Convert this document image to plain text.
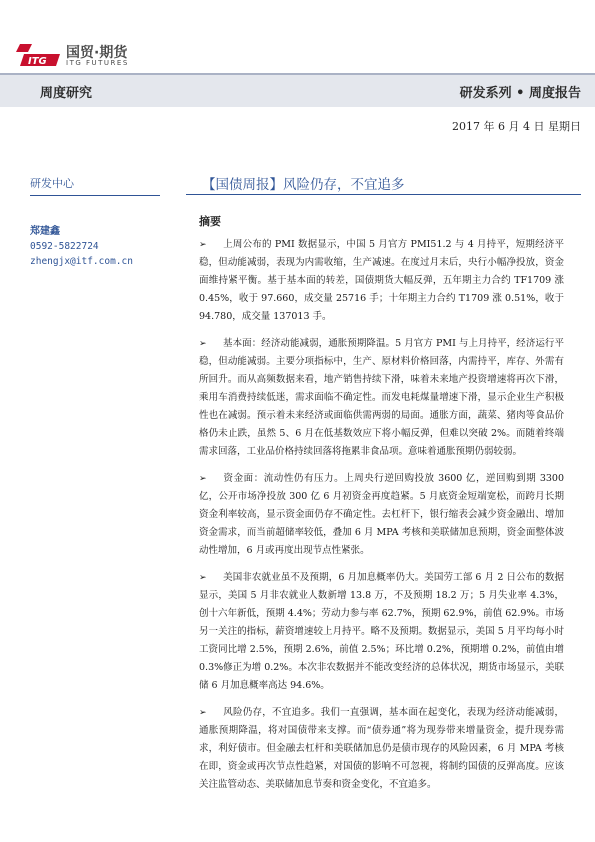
ITG
国贸·期货
ITG FUTURES
周度研究	研发系列 • 周度报告
2017 年 6 月 4 日 星期日
研发中心
郑建鑫
0592-5822724
zhengjx@itf.com.cn
【国债周报】风险仍存，不宜追多
摘要

➢ 上周公布的 PMI 数据显示，中国 5 月官方 PMI51.2 与 4 月持平，短期经济平稳，但动能减弱，表现为内需收缩，生产减速。在度过月末后，央行小幅净投放，资金面维持紧平衡。基于基本面的转差，国债期货大幅反弹，五年期主力合约 TF1709 涨 0.45%，收于 97.660，成交量 25716 手；十年期主力合约 T1709 涨 0.51%，收于 94.780，成交量 137013 手。

➢ 基本面：经济动能减弱，通胀预期降温。5 月官方 PMI 与上月持平，经济运行平稳，但动能减弱。主要分项指标中，生产、原材料价格回落，内需持平，库存、外需有所回升。而从高频数据来看，地产销售持续下滑，味着未来地产投资增速将再次下滑，乘用车消费持续低迷，需求面临不确定性。而发电耗煤量增速下滑，显示企业生产积极性也在减弱。预示着未来经济或面临供需两弱的局面。通胀方面，蔬菜、猪肉等食品价格仍未止跌，虽然 5、6 月在低基数效应下将小幅反弹，但难以突破 2%。而随着终端需求回落，工业品价格持续回落将拖累非食品项。意味着通胀预期仍弱较弱。

➢ 资金面：流动性仍有压力。上周央行逆回购投放 3600 亿，逆回购到期 3300 亿，公开市场净投放 300 亿 6 月初资金再度趋紧。5 月底资金短端宽松，而跨月长期资金利率较高，显示资金面仍存不确定性。去杠杆下，银行缩表会减少资金融出、增加资金需求，而当前超储率较低，叠加 6 月 MPA 考核和美联储加息预期，资金面整体波动性增加，6 月或再度出现节点性紧张。

➢ 美国非农就业虽不及预期，6 月加息概率仍大。美国劳工部 6 月 2 日公布的数据显示，美国 5 月非农就业人数新增 13.8 万，不及预期 18.2 万；5 月失业率 4.3%，创十六年新低，预期 4.4%；劳动力参与率 62.7%，预期 62.9%，前值 62.9%。市场另一关注的指标，薪资增速较上月持平。略不及预期。数据显示，美国 5 月平均每小时工资同比增 2.5%，预期 2.6%，前值 2.5%；环比增 0.2%，预期增 0.2%，前值由增 0.3%修正为增 0.2%。本次非农数据并不能改变经济的总体状况，期货市场显示，美联储 6 月加息概率高达 94.6%。

➢ 风险仍存，不宜追多。我们一直强调，基本面在起变化，表现为经济动能减弱，通胀预期降温，将对国债带来支撑。而“债券通”将为现券带来增量资金，提升现券需求，利好债市。但金融去杠杆和美联储加息仍是债市现存的风险因素，6 月 MPA 考核在即，资金或再次节点性趋紧，对国债的影响不可忽视，将制约国债的反弹高度。应该关注监管动态、美联储加息节奏和资金变化，不宜追多。
